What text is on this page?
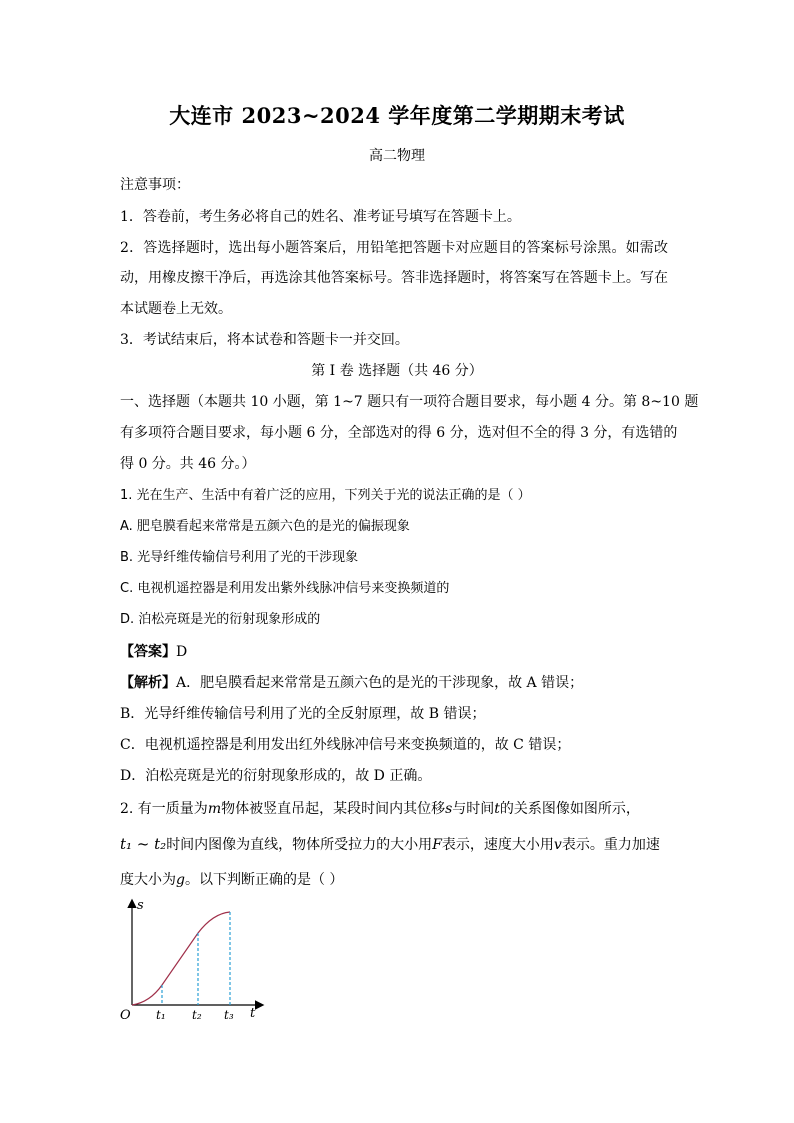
大连市 2023~2024 学年度第二学期期末考试
高二物理
注意事项：
1．答卷前，考生务必将自己的姓名、准考证号填写在答题卡上。
2．答选择题时，选出每小题答案后，用铅笔把答题卡对应题目的答案标号涂黑。如需改
动，用橡皮擦干净后，再选涂其他答案标号。答非选择题时，将答案写在答题卡上。写在
本试题卷上无效。
3．考试结束后，将本试卷和答题卡一并交回。
第 I 卷 选择题（共 46 分）
一、选择题（本题共 10 小题，第 1~7 题只有一项符合题目要求，每小题 4 分。第 8~10 题
有多项符合题目要求，每小题 6 分，全部选对的得 6 分，选对但不全的得 3 分，有选错的
得 0 分。共 46 分。）
1. 光在生产、生活中有着广泛的应用，下列关于光的说法正确的是（ ）
A. 肥皂膜看起来常常是五颜六色的是光的偏振现象
B. 光导纤维传输信号利用了光的干涉现象
C. 电视机遥控器是利用发出紫外线脉冲信号来变换频道的
D. 泊松亮斑是光的衍射现象形成的
【答案】D
【解析】A．肥皂膜看起来常常是五颜六色的是光的干涉现象，故 A 错误；
B．光导纤维传输信号利用了光的全反射原理，故 B 错误；
C．电视机遥控器是利用发出红外线脉冲信号来变换频道的，故 C 错误；
D．泊松亮斑是光的衍射现象形成的，故 D 正确。
2. 有一质量为m物体被竖直吊起，某段时间内其位移s与时间t的关系图像如图所示，
t₁ ~ t₂时间内图像为直线，物体所受拉力的大小用F表示，速度大小用v表示。重力加速
度大小为g。以下判断正确的是（ ）
s
t
O t₁ t₂ t₃
